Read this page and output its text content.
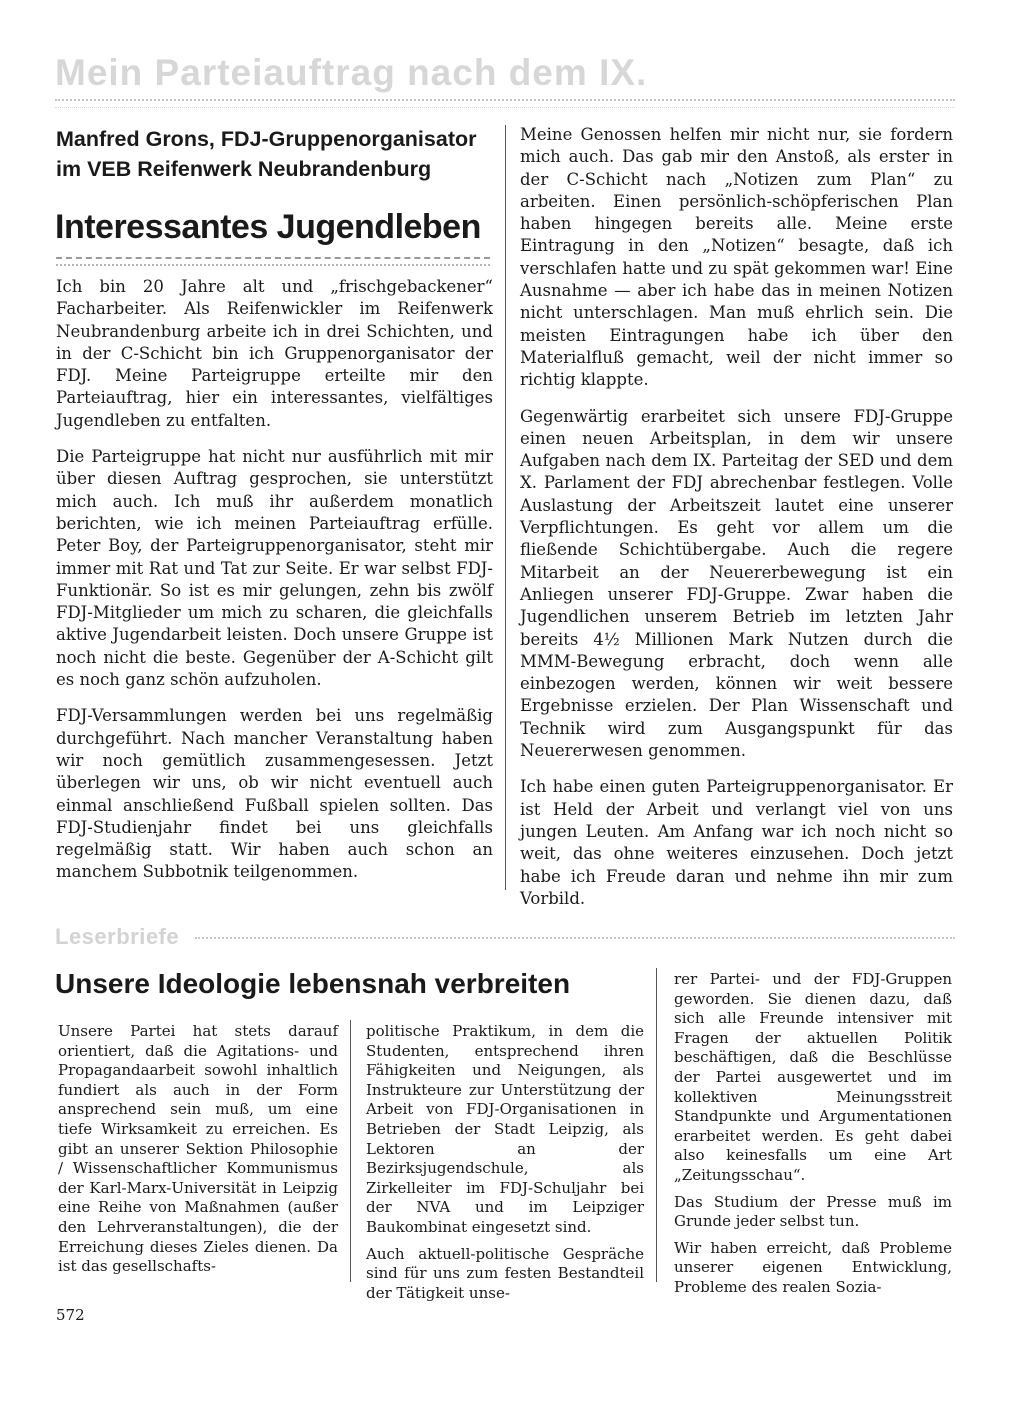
Mein Parteiauftrag nach dem IX.
Manfred Grons, FDJ-Gruppenorganisator im VEB Reifenwerk Neubrandenburg
Interessantes Jugendleben

Ich bin 20 Jahre alt und „frischgebackener“ Facharbeiter. Als Reifenwickler im Reifenwerk Neubrandenburg arbeite ich in drei Schichten, und in der C-Schicht bin ich Gruppenorganisator der FDJ. Meine Parteigruppe erteilte mir den Parteiauftrag, hier ein interessantes, vielfältiges Jugendleben zu entfalten.

Die Parteigruppe hat nicht nur ausführlich mit mir über diesen Auftrag gesprochen, sie unterstützt mich auch. Ich muß ihr außerdem monatlich berichten, wie ich meinen Parteiauftrag erfülle. Peter Boy, der Parteigruppenorganisator, steht mir immer mit Rat und Tat zur Seite. Er war selbst FDJ-Funktionär. So ist es mir gelungen, zehn bis zwölf FDJ-Mitglieder um mich zu scharen, die gleichfalls aktive Jugendarbeit leisten. Doch unsere Gruppe ist noch nicht die beste. Gegenüber der A-Schicht gilt es noch ganz schön aufzuholen.

FDJ-Versammlungen werden bei uns regelmäßig durchgeführt. Nach mancher Veranstaltung haben wir noch gemütlich zusammengesessen. Jetzt überlegen wir uns, ob wir nicht eventuell auch einmal anschließend Fußball spielen sollten. Das FDJ-Studienjahr findet bei uns gleichfalls regelmäßig statt. Wir haben auch schon an manchem Subbotnik teilgenommen.

Meine Genossen helfen mir nicht nur, sie fordern mich auch. Das gab mir den Anstoß, als erster in der C-Schicht nach „Notizen zum Plan“ zu arbeiten. Einen persönlich-schöpferischen Plan haben hingegen bereits alle. Meine erste Eintragung in den „Notizen“ besagte, daß ich verschlafen hatte und zu spät gekommen war! Eine Ausnahme — aber ich habe das in meinen Notizen nicht unterschlagen. Man muß ehrlich sein. Die meisten Eintragungen habe ich über den Materialfluß gemacht, weil der nicht immer so richtig klappte.

Gegenwärtig erarbeitet sich unsere FDJ-Gruppe einen neuen Arbeitsplan, in dem wir unsere Aufgaben nach dem IX. Parteitag der SED und dem X. Parlament der FDJ abrechenbar festlegen. Volle Auslastung der Arbeitszeit lautet eine unserer Verpflichtungen. Es geht vor allem um die fließende Schichtübergabe. Auch die regere Mitarbeit an der Neuererbewegung ist ein Anliegen unserer FDJ-Gruppe. Zwar haben die Jugendlichen unserem Betrieb im letzten Jahr bereits 4½ Millionen Mark Nutzen durch die MMM-Bewegung erbracht, doch wenn alle einbezogen werden, können wir weit bessere Ergebnisse erzielen. Der Plan Wissenschaft und Technik wird zum Ausgangspunkt für das Neuererwesen genommen.

Ich habe einen guten Parteigruppenorganisator. Er ist Held der Arbeit und verlangt viel von uns jungen Leuten. Am Anfang war ich noch nicht so weit, das ohne weiteres einzusehen. Doch jetzt habe ich Freude daran und nehme ihn mir zum Vorbild.

Leserbriefe
Unsere Ideologie lebensnah verbreiten

Unsere Partei hat stets darauf orientiert, daß die Agitations- und Propagandaarbeit sowohl inhaltlich fundiert als auch in der Form ansprechend sein muß, um eine tiefe Wirksamkeit zu erreichen. Es gibt an unserer Sektion Philosophie / Wissenschaftlicher Kommunismus der Karl-Marx-Universität in Leipzig eine Reihe von Maßnahmen (außer den Lehrveranstaltungen), die der Erreichung dieses Zieles dienen. Da ist das gesellschafts-

politische Praktikum, in dem die Studenten, entsprechend ihren Fähigkeiten und Neigungen, als Instrukteure zur Unterstützung der Arbeit von FDJ-Organisationen in Betrieben der Stadt Leipzig, als Lektoren an der Bezirksjugendschule, als Zirkelleiter im FDJ-Schuljahr bei der NVA und im Leipziger Baukombinat eingesetzt sind.

Auch aktuell-politische Gespräche sind für uns zum festen Bestandteil der Tätigkeit unse-

rer Partei- und der FDJ-Gruppen geworden. Sie dienen dazu, daß sich alle Freunde intensiver mit Fragen der aktuellen Politik beschäftigen, daß die Beschlüsse der Partei ausgewertet und im kollektiven Meinungsstreit Standpunkte und Argumentationen erarbeitet werden. Es geht dabei also keinesfalls um eine Art „Zeitungsschau“.

Das Studium der Presse muß im Grunde jeder selbst tun.

Wir haben erreicht, daß Probleme unserer eigenen Entwicklung, Probleme des realen Sozia-

572
